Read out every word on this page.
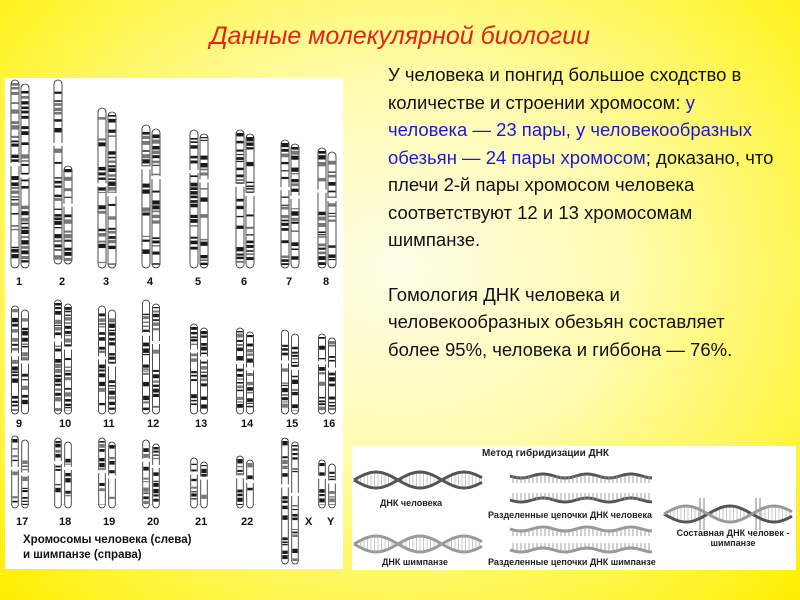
Данные молекулярной биологии
1	2	3	4	5	6	7	8
9	10	11	12	13	14	15 16
17	18	19	20	21	22	X Y
Хромосомы человека (слева)
и шимпанзе (справа)

У человека и понгид большое сходство в количестве и строении хромосом: у человека — 23 пары, у человекообразных обезьян — 24 пары хромосом; доказано, что плечи 2-й пары хромосом человека соответствуют 12 и 13 хромосомам шимпанзе.

Гомология ДНК человека и человекообразных обезьян составляет более 95%, человека и гиббона — 76%.

Метод гибридизации ДНК
ДНК человека
Разделенные цепочки ДНК человека
ДНК шимпанзе	Разделенные цепочки ДНК шимпанзе
Составная ДНК человек -
шимпанзе
